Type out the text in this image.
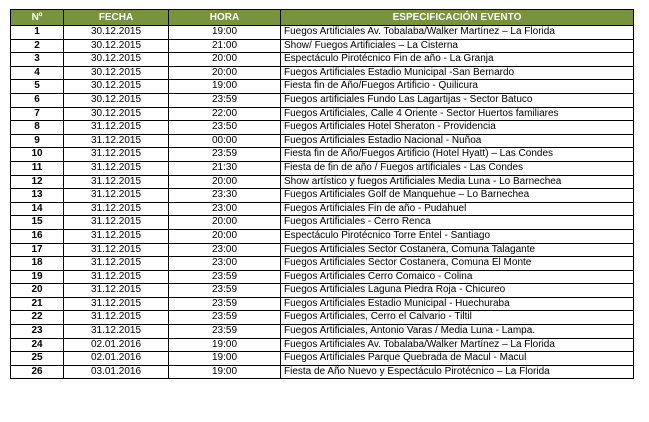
Nº	FECHA	HORA	ESPECIFICACIÓN EVENTO
1	30.12.2015	19:00	Fuegos Artificiales Av. Tobalaba/Walker Martínez – La Florida
2	30.12.2015	21:00	Show/ Fuegos Artificiales – La Cisterna
3	30.12.2015	20:00	Espectáculo Pirotécnico Fin de año - La Granja
4	30.12.2015	20:00	Fuegos Artificiales Estadio Municipal -San Bernardo
5	30.12.2015	19:00	Fiesta fin de Año/Fuegos Artificio - Quilicura
6	30.12.2015	23:59	Fuegos artificiales Fundo Las Lagartijas - Sector Batuco
7	30.12.2015	22:00	Fuegos Artificiales, Calle 4 Oriente - Sector Huertos familiares
8	31.12.2015	23:50	Fuegos Artificiales Hotel Sheraton - Providencia
9	31.12.2015	00:00	Fuegos Artificiales Estadio Nacional - Ñuñoa
10	31.12.2015	23:59	Fiesta fin de Año/Fuegos Artificio (Hotel Hyatt) – Las Condes
11	31.12.2015	21:30	Fiesta de fin de año / Fuegos artificiales - Las Condes
12	31.12.2015	20:00	Show artístico y fuegos Artificiales Media Luna - Lo Barnechea
13	31.12.2015	23:30	Fuegos Artificiales Golf de Manquehue – Lo Barnechea
14	31.12.2015	23:00	Fuegos Artificiales Fin de año - Pudahuel
15	31.12.2015	20:00	Fuegos Artificiales - Cerro Renca
16	31.12.2015	20:00	Espectáculo Pirotécnico Torre Entel - Santiago
17	31.12.2015	23:00	Fuegos Artificiales Sector Costanera, Comuna Talagante
18	31.12.2015	23:00	Fuegos Artificiales Sector Costanera, Comuna El Monte
19	31.12.2015	23:59	Fuegos Artificiales Cerro Comaico - Colina
20	31.12.2015	23:59	Fuegos Artificiales Laguna Piedra Roja - Chicureo
21	31.12.2015	23:59	Fuegos Artificiales Estadio Municipal - Huechuraba
22	31.12.2015	23:59	Fuegos Artificiales, Cerro el Calvario - Tiltil
23	31.12.2015	23:59	Fuegos Artificiales, Antonio Varas / Media Luna - Lampa.
24	02.01.2016	19:00	Fuegos Artificiales Av. Tobalaba/Walker Martínez – La Florida
25	02.01.2016	19:00	Fuegos Artificiales Parque Quebrada de Macul - Macul
26	03.01.2016	19:00	Fiesta de Año Nuevo y Espectáculo Pirotécnico – La Florida
